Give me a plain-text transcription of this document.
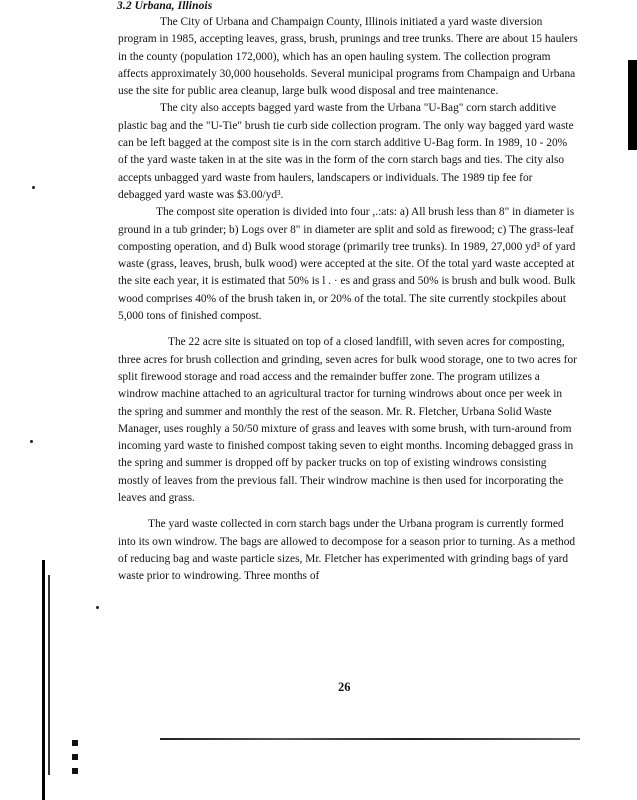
3.2 Urbana, Illinois

The City of Urbana and Champaign County, Illinois initiated a yard waste diversion program in 1985, accepting leaves, grass, brush, prunings and tree trunks. There are about 15 haulers in the county (population 172,000), which has an open hauling system. The collection program affects approximately 30,000 households. Several municipal programs from Champaign and Urbana use the site for public area cleanup, large bulk wood disposal and tree maintenance.

The city also accepts bagged yard waste from the Urbana "U-Bag" corn starch additive plastic bag and the "U-Tie" brush tie curb side collection program. The only way bagged yard waste can be left bagged at the compost site is in the corn starch additive U-Bag form. In 1989, 10 - 20% of the yard waste taken in at the site was in the form of the corn starch bags and ties. The city also accepts unbagged yard waste from haulers, landscapers or individuals. The 1989 tip fee for debagged yard waste was $3.00/yd³.

The compost site operation is divided into four ,.:ats: a) All brush less than 8" in diameter is ground in a tub grinder; b) Logs over 8" in diameter are split and sold as firewood; c) The grass-leaf composting operation, and d) Bulk wood storage (primarily tree trunks). In 1989, 27,000 yd³ of yard waste (grass, leaves, brush, bulk wood) were accepted at the site. Of the total yard waste accepted at the site each year, it is estimated that 50% is l . · es and grass and 50% is brush and bulk wood. Bulk wood comprises 40% of the brush taken in, or 20% of the total. The site currently stockpiles about 5,000 tons of finished compost.

The 22 acre site is situated on top of a closed landfill, with seven acres for composting, three acres for brush collection and grinding, seven acres for bulk wood storage, one to two acres for split firewood storage and road access and the remainder buffer zone. The program utilizes a windrow machine attached to an agricultural tractor for turning windrows about once per week in the spring and summer and monthly the rest of the season. Mr. R. Fletcher, Urbana Solid Waste Manager, uses roughly a 50/50 mixture of grass and leaves with some brush, with turn-around from incoming yard waste to finished compost taking seven to eight months. Incoming debagged grass in the spring and summer is dropped off by packer trucks on top of existing windrows consisting mostly of leaves from the previous fall. Their windrow machine is then used for incorporating the leaves and grass.

The yard waste collected in corn starch bags under the Urbana program is currently formed into its own windrow. The bags are allowed to decompose for a season prior to turning. As a method of reducing bag and waste particle sizes, Mr. Fletcher has experimented with grinding bags of yard waste prior to windrowing. Three months of

26
